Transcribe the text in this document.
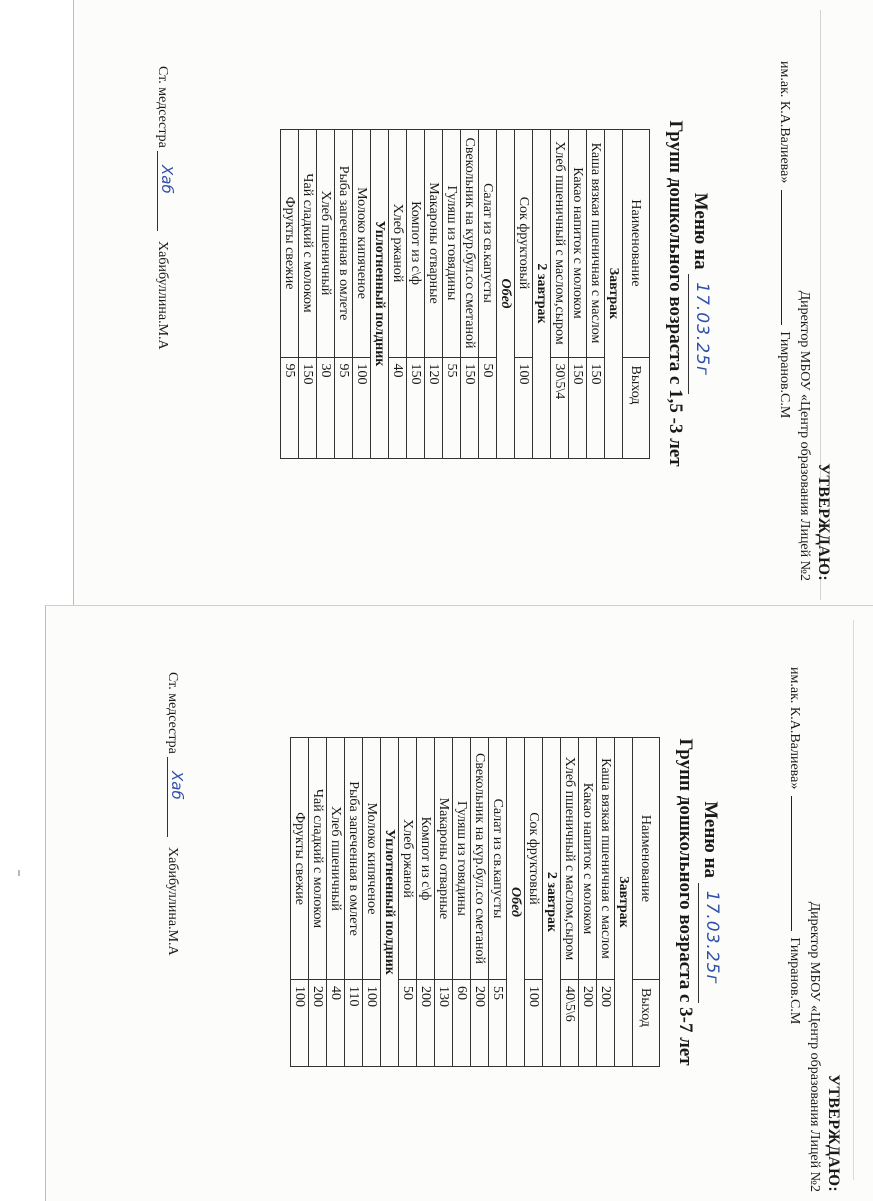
УТВЕРЖДАЮ:
Директор МБОУ «Центр образования Лицей №2
им.ак. К.А.Валиева»  Гимранов.С.М
Меню на
17.03.25г
Групп дошкольного возраста с 1,5 -3 лет
Наименование	Выход
Завтрак	
Каша вязкая пшеничная с маслом	150
Какао напиток с молоком	150
Хлеб пшеничный с маслом,сыром	30\5\4
2 завтрак	
Сок фруктовый	100
Обед	
Салат из св.капусты	50
Свекольник на кур.бул.со сметаной	150
Гуляш из говядины	55
Макароны отварные	120
Компот из с\ф	150
Хлеб ржаной	40
Уплотненный полдник	
Молоко кипяченое	100
Рыба запеченная в омлете	95
Хлеб пшеничный	30
Чай сладкий с молоком	150
Фрукты свежие	95
Ст. медсестра
Хаб
Хабибуллина.М.А
УТВЕРЖДАЮ:
Директор МБОУ «Центр образования Лицей №2
им.ак. К.А.Валиева»  Гимранов.С.М
Меню на
17.03.25г
Групп дошкольного возраста с 3-7 лет
Наименование	Выход
Завтрак	
Каша вязкая пшеничная с маслом	200
Какао напиток с молоком	200
Хлеб пшеничный с маслом,сыром	40\5\6
2 завтрак	
Сок фруктовый	100
Обед	
Салат из св.капусты	55
Свекольник на кур.бул.со сметаной	200
Гуляш из говядины	60
Макароны отварные	130
Компот из с\ф	200
Хлеб ржаной	50
Уплотненный полдник	
Молоко кипяченое	100
Рыба запеченная в омлете	110
Хлеб пшеничный	40
Чай сладкий с молоком	200
Фрукты свежие	100
Ст. медсестра
Хаб
Хабибуллина.М.А
